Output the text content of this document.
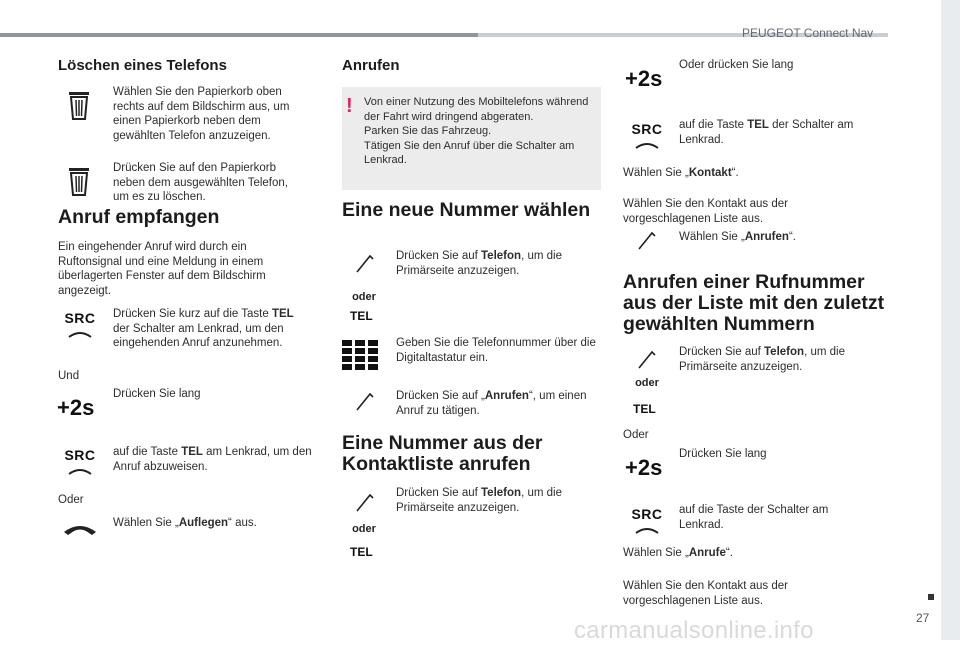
PEUGEOT Connect Nav
Löschen eines Telefons
Wählen Sie den Papierkorb oben rechts auf dem Bildschirm aus, um einen Papierkorb neben dem gewählten Telefon anzuzeigen.
Drücken Sie auf den Papierkorb neben dem ausgewählten Telefon, um es zu löschen.
Anruf empfangen
Ein eingehender Anruf wird durch ein Ruftonsignal und eine Meldung in einem überlagerten Fenster auf dem Bildschirm angezeigt.
SRC	Drücken Sie kurz auf die Taste TEL der Schalter am Lenkrad, um den eingehenden Anruf anzunehmen.
Und
+2s
Drücken Sie lang
SRC	auf die Taste TEL am Lenkrad, um den Anruf abzuweisen.
Oder
Wählen Sie „Auflegen“ aus.
Anrufen
! Von einer Nutzung des Mobiltelefons während der Fahrt wird dringend abgeraten.
Parken Sie das Fahrzeug.
Tätigen Sie den Anruf über die Schalter am Lenkrad.
Eine neue Nummer wählen
oder
TEL
Drücken Sie auf Telefon, um die Primärseite anzuzeigen.
Geben Sie die Telefonnummer über die Digitaltastatur ein.
Drücken Sie auf „Anrufen“, um einen Anruf zu tätigen.
Eine Nummer aus der Kontaktliste anrufen
oder
TEL
Drücken Sie auf Telefon, um die Primärseite anzuzeigen.
+2s
Oder drücken Sie lang
SRC	auf die Taste TEL der Schalter am Lenkrad.
Wählen Sie „Kontakt“.
Wählen Sie den Kontakt aus der vorgeschlagenen Liste aus.
Wählen Sie „Anrufen“.
Anrufen einer Rufnummer aus der Liste mit den zuletzt gewählten Nummern
oder
TEL
Drücken Sie auf Telefon, um die Primärseite anzuzeigen.
Oder
+2s
Drücken Sie lang
SRC	auf die Taste der Schalter am Lenkrad.
Wählen Sie „Anrufe“.
Wählen Sie den Kontakt aus der vorgeschlagenen Liste aus.
carmanualsonline.info	27
